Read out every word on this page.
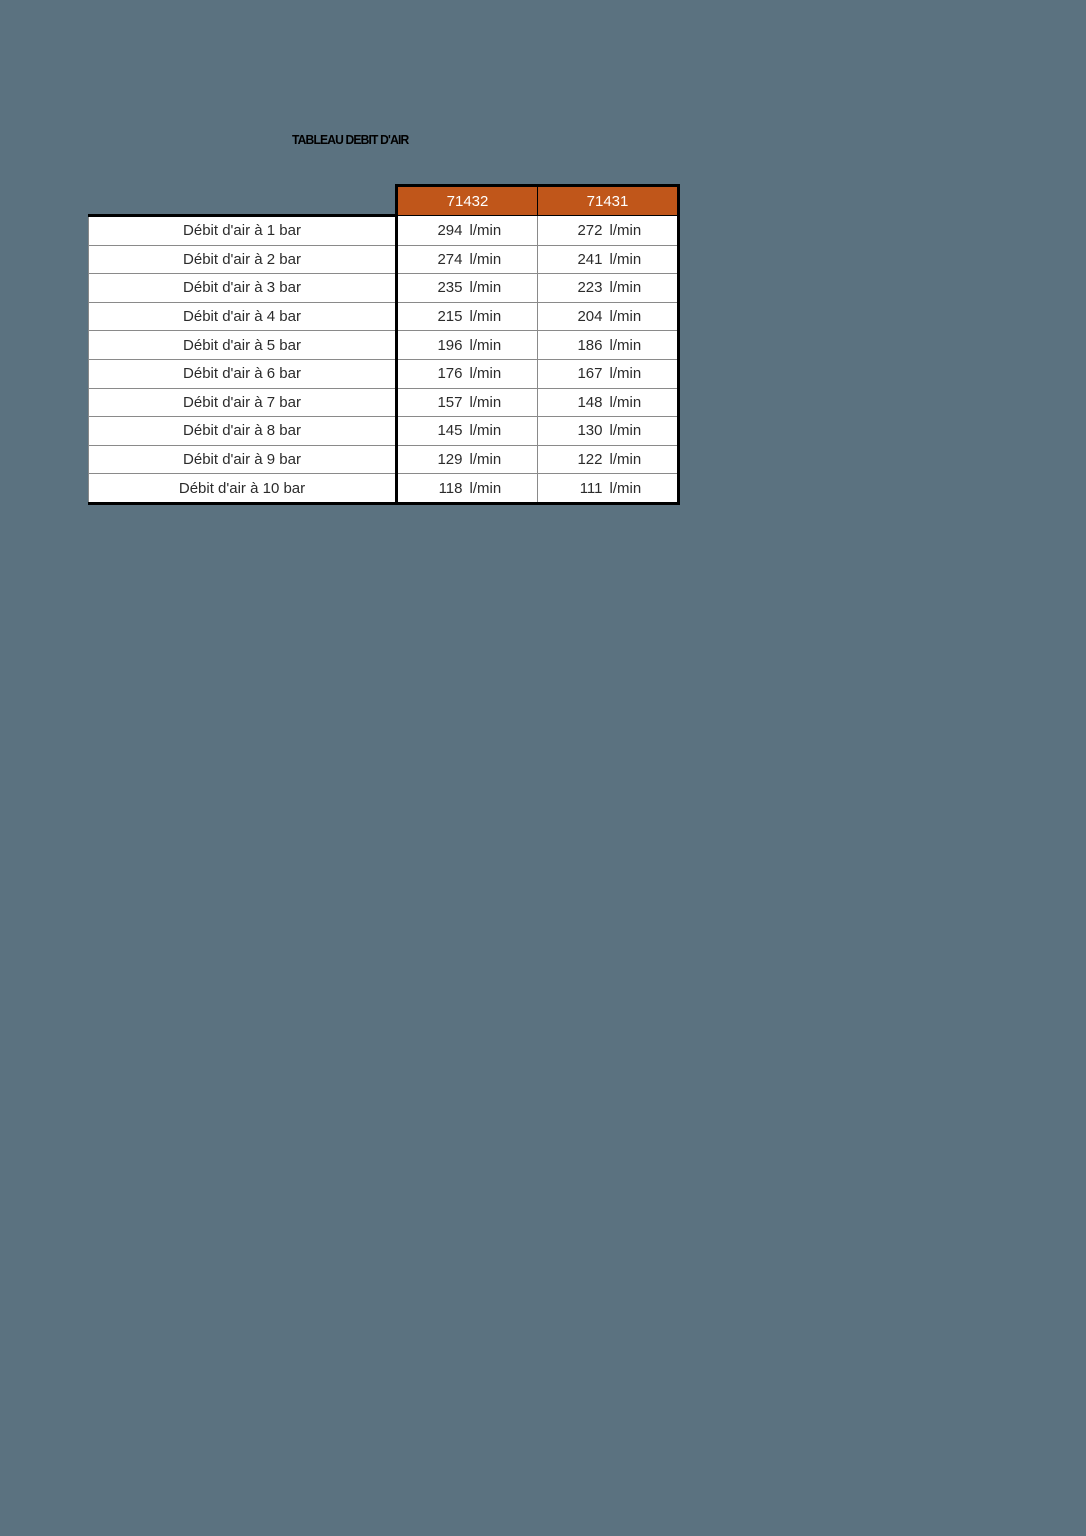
TABLEAU DEBIT D'AIR
	71432	71431
Débit d'air à 1 bar	294 l/min	272 l/min
Débit d'air à 2 bar	274 l/min	241 l/min
Débit d'air à 3 bar	235 l/min	223 l/min
Débit d'air à 4 bar	215 l/min	204 l/min
Débit d'air à 5 bar	196 l/min	186 l/min
Débit d'air à 6 bar	176 l/min	167 l/min
Débit d'air à 7 bar	157 l/min	148 l/min
Débit d'air à 8 bar	145 l/min	130 l/min
Débit d'air à 9 bar	129 l/min	122 l/min
Débit d'air à 10 bar	118 l/min	111 l/min
